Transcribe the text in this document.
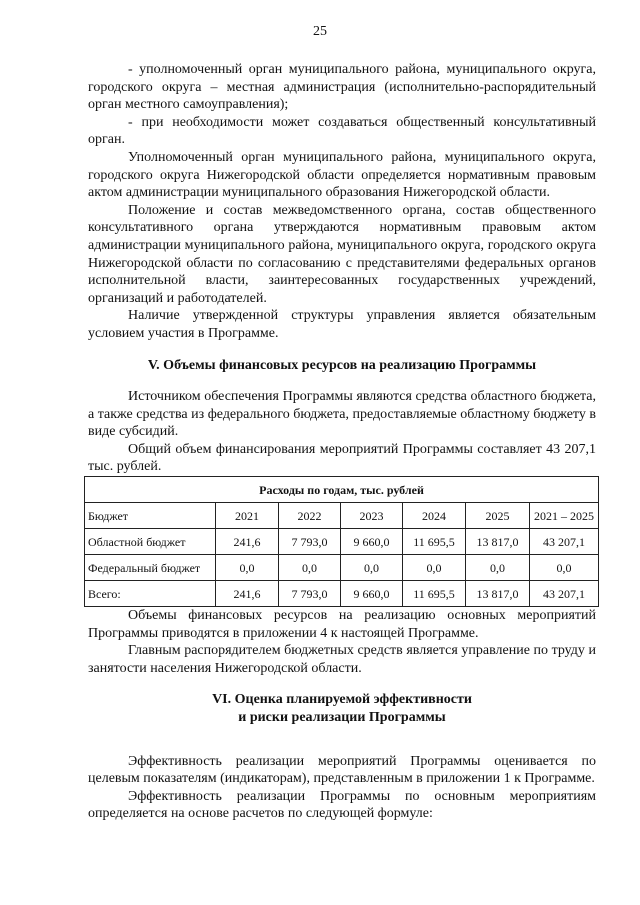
25

- уполномоченный орган муниципального района, муниципального округа, городского округа – местная администрация (исполнительно-распорядительный орган местного самоуправления);

- при необходимости может создаваться общественный консультативный орган.

Уполномоченный орган муниципального района, муниципального округа, городского округа Нижегородской области определяется нормативным правовым актом администрации муниципального образования Нижегородской области.

Положение и состав межведомственного органа, состав общественного консультативного органа утверждаются нормативным правовым актом администрации муниципального района, муниципального округа, городского округа Нижегородской области по согласованию с представителями федеральных органов исполнительной власти, заинтересованных государственных учреждений, организаций и работодателей.

Наличие утвержденной структуры управления является обязательным условием участия в Программе.

V. Объемы финансовых ресурсов на реализацию Программы

Источником обеспечения Программы являются средства областного бюджета, а также средства из федерального бюджета, предоставляемые областному бюджету в виде субсидий.

Общий объем финансирования мероприятий Программы составляет 43 207,1 тыс. рублей.

Расходы по годам, тыс. рублей						
Бюджет	2021	2022	2023	2024	2025	2021 – 2025
Областной бюджет	241,6	7 793,0	9 660,0	11 695,5	13 817,0	43 207,1
Федеральный бюджет	0,0	0,0	0,0	0,0	0,0	0,0
Всего:	241,6	7 793,0	9 660,0	11 695,5	13 817,0	43 207,1

Объемы финансовых ресурсов на реализацию основных мероприятий Программы приводятся в приложении 4 к настоящей Программе.

Главным распорядителем бюджетных средств является управление по труду и занятости населения Нижегородской области.

VI. Оценка планируемой эффективности
и риски реализации Программы

Эффективность реализации мероприятий Программы оценивается по целевым показателям (индикаторам), представленным в приложении 1 к Программе.

Эффективность реализации Программы по основным мероприятиям определяется на основе расчетов по следующей формуле:
